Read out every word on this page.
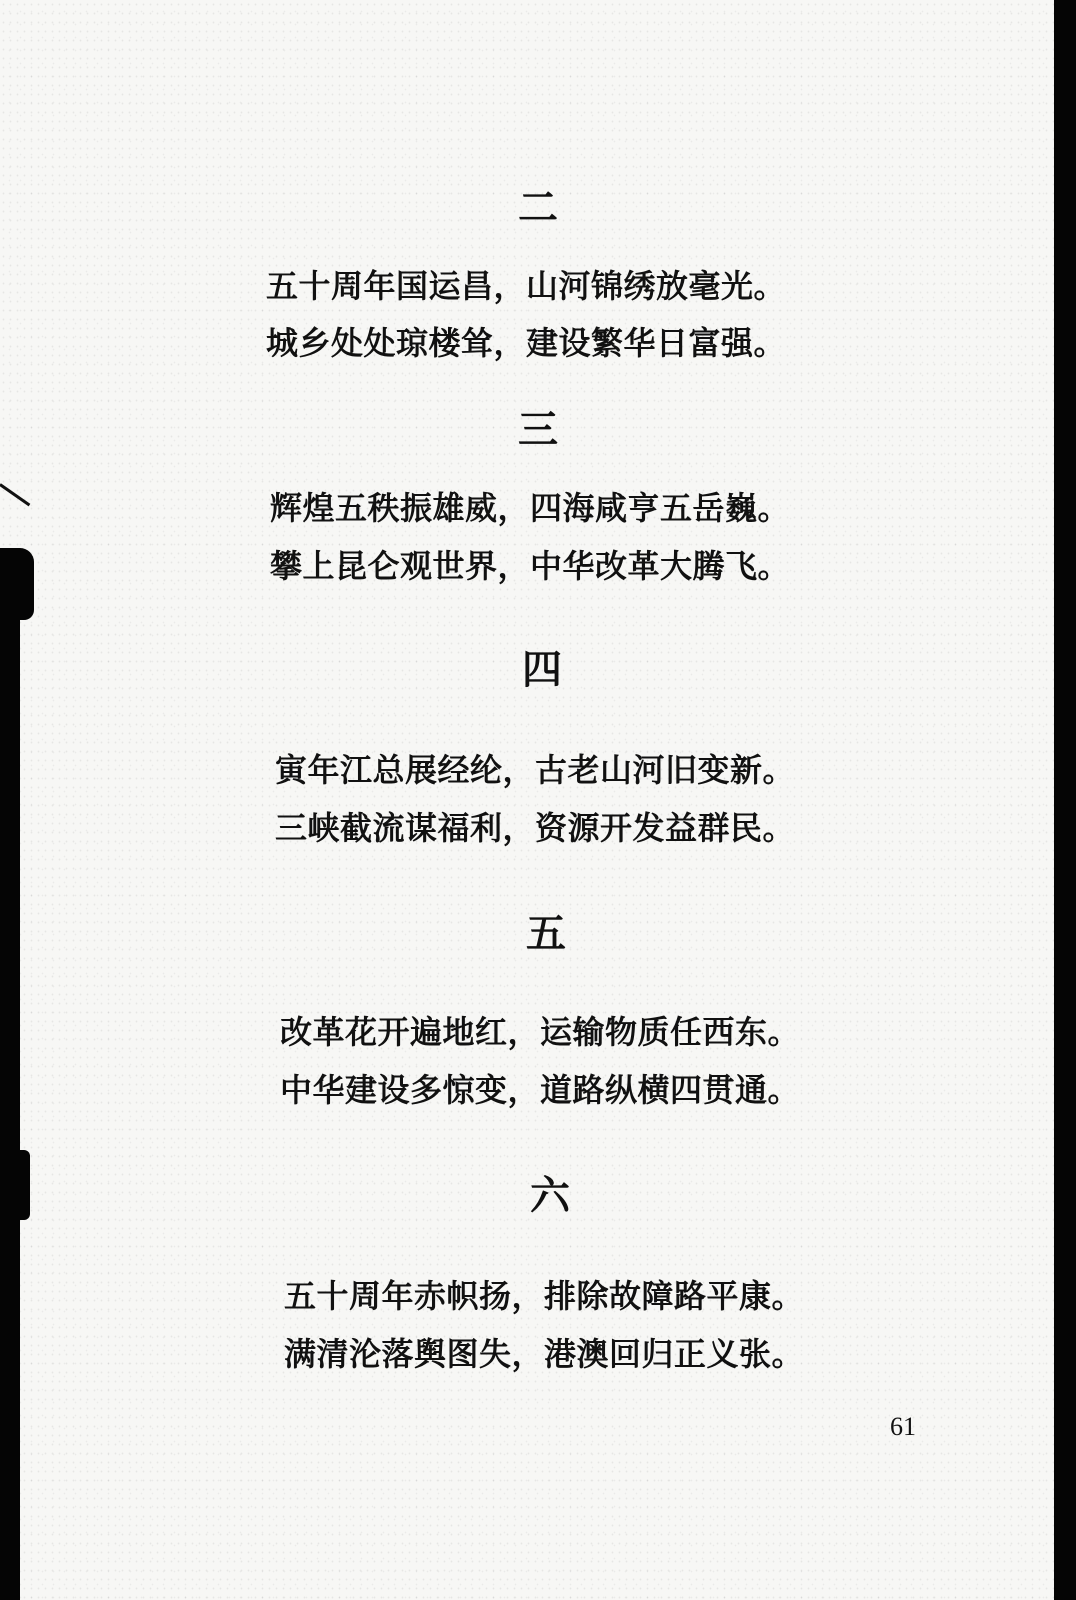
二
五十周年国运昌，山河锦绣放毫光。
城乡处处琼楼耸，建设繁华日富强。
三
辉煌五秩振雄威，四海咸亨五岳巍。
攀上昆仑观世界，中华改革大腾飞。
四
寅年江总展经纶，古老山河旧变新。
三峡截流谋福利，资源开发益群民。
五
改革花开遍地红，运输物质任西东。
中华建设多惊变，道路纵横四贯通。
六
五十周年赤帜扬，排除故障路平康。
满清沦落舆图失，港澳回归正义张。
61
